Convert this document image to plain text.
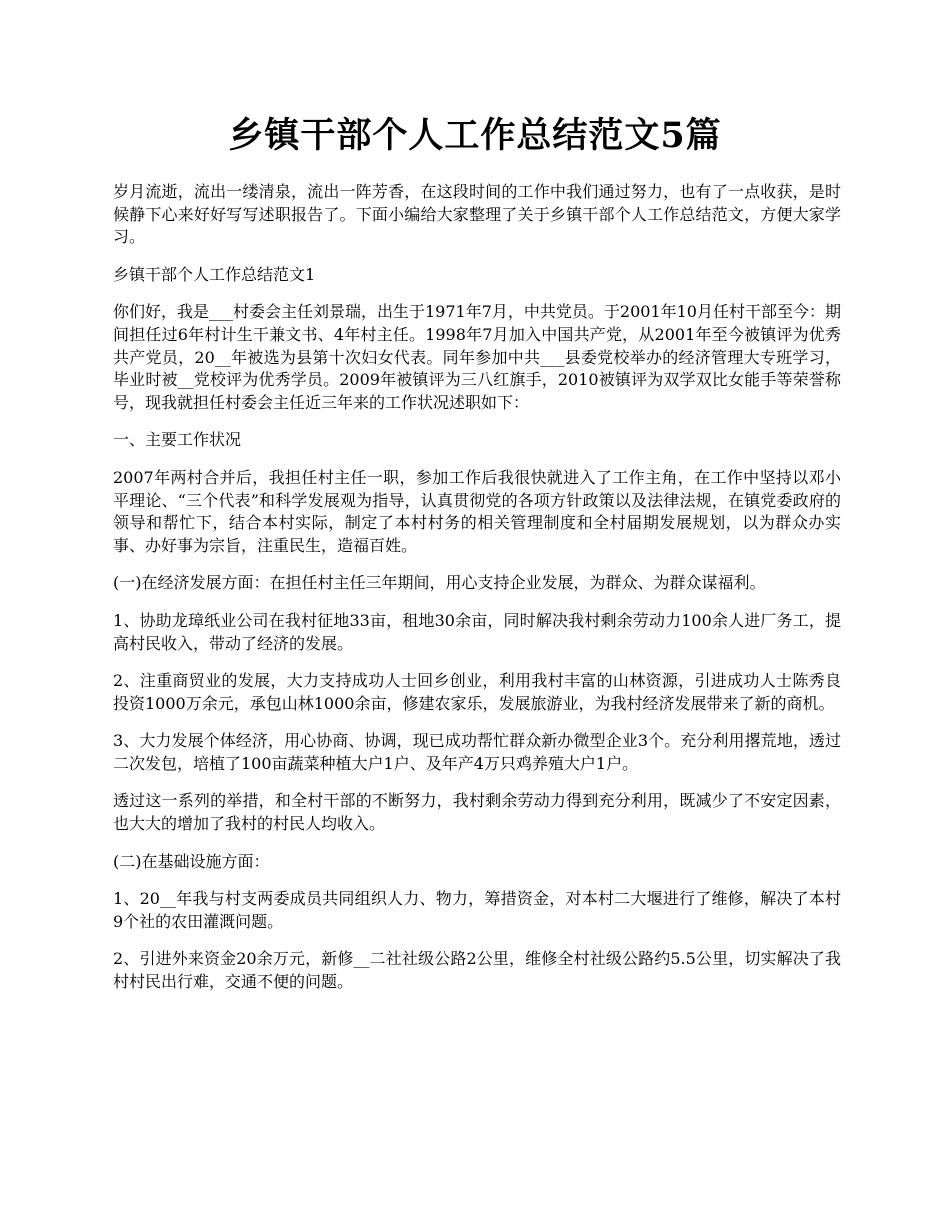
乡镇干部个人工作总结范文5篇

岁月流逝，流出一缕清泉，流出一阵芳香，在这段时间的工作中我们通过努力，也有了一点收获，是时候静下心来好好写写述职报告了。下面小编给大家整理了关于乡镇干部个人工作总结范文，方便大家学习。

乡镇干部个人工作总结范文1

你们好，我是___村委会主任刘景瑞，出生于1971年7月，中共党员。于2001年10月任村干部至今：期间担任过6年村计生干兼文书、4年村主任。1998年7月加入中国共产党，从2001年至今被镇评为优秀共产党员，20__年被选为县第十次妇女代表。同年参加中共___县委党校举办的经济管理大专班学习，毕业时被__党校评为优秀学员。2009年被镇评为三八红旗手，2010被镇评为双学双比女能手等荣誉称号，现我就担任村委会主任近三年来的工作状况述职如下：

一、主要工作状况

2007年两村合并后，我担任村主任一职，参加工作后我很快就进入了工作主角，在工作中坚持以邓小平理论、“三个代表”和科学发展观为指导，认真贯彻党的各项方针政策以及法律法规，在镇党委政府的领导和帮忙下，结合本村实际，制定了本村村务的相关管理制度和全村届期发展规划，以为群众办实事、办好事为宗旨，注重民生，造福百姓。

(一)在经济发展方面：在担任村主任三年期间，用心支持企业发展，为群众、为群众谋福利。

1、协助龙璋纸业公司在我村征地33亩，租地30余亩，同时解决我村剩余劳动力100余人进厂务工，提高村民收入，带动了经济的发展。

2、注重商贸业的发展，大力支持成功人士回乡创业，利用我村丰富的山林资源，引进成功人士陈秀良投资1000万余元，承包山林1000余亩，修建农家乐，发展旅游业，为我村经济发展带来了新的商机。

3、大力发展个体经济，用心协商、协调，现已成功帮忙群众新办微型企业3个。充分利用撂荒地，透过二次发包，培植了100亩蔬菜种植大户1户、及年产4万只鸡养殖大户1户。

透过这一系列的举措，和全村干部的不断努力，我村剩余劳动力得到充分利用，既减少了不安定因素，也大大的增加了我村的村民人均收入。

(二)在基础设施方面：

1、20__年我与村支两委成员共同组织人力、物力，筹措资金，对本村二大堰进行了维修，解决了本村9个社的农田灌溉问题。

2、引进外来资金20余万元，新修__二社社级公路2公里，维修全村社级公路约5.5公里，切实解决了我村村民出行难，交通不便的问题。
